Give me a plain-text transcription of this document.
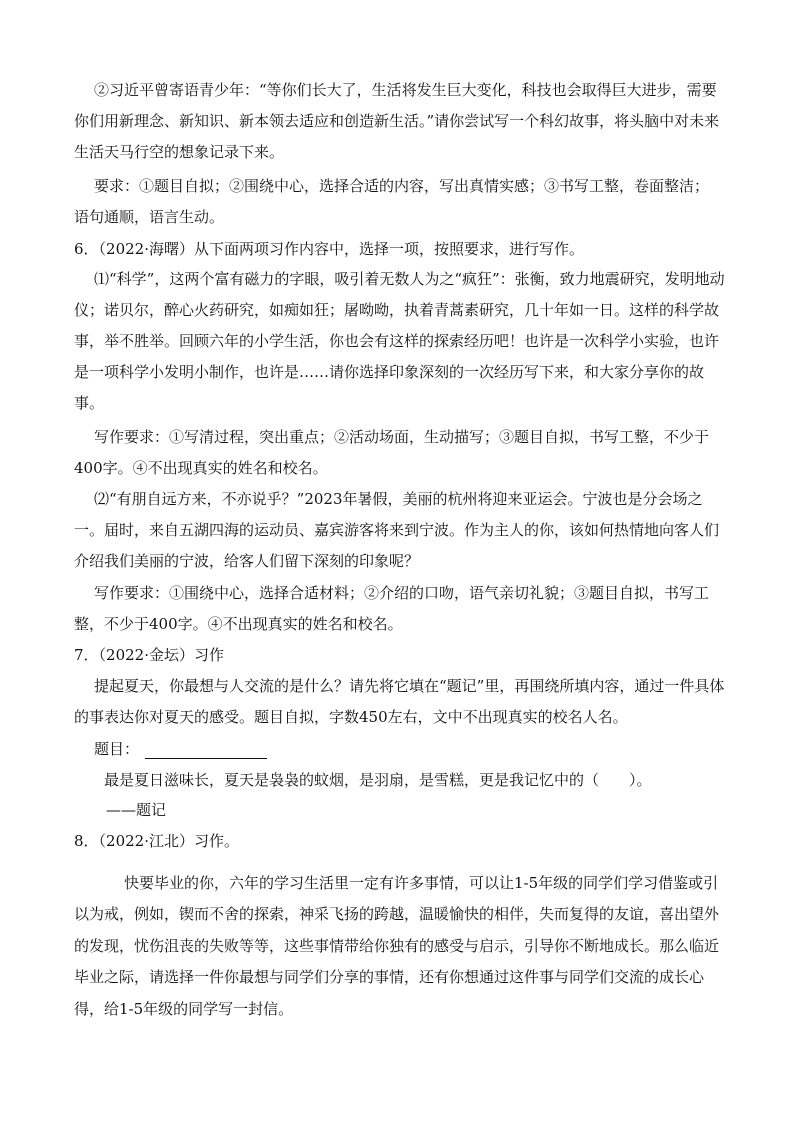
②习近平曾寄语青少年：“等你们长大了，生活将发生巨大变化，科技也会取得巨大进步，需要
你们用新理念、新知识、新本领去适应和创造新生活。”请你尝试写一个科幻故事，将头脑中对未来
生活天马行空的想象记录下来。
要求：①题目自拟；②围绕中心，选择合适的内容，写出真情实感；③书写工整，卷面整洁；
语句通顺，语言生动。
6．（2022·海曙）从下面两项习作内容中，选择一项，按照要求，进行写作。
⑴“科学”，这两个富有磁力的字眼，吸引着无数人为之“疯狂”：张衡，致力地震研究，发明地动
仪；诺贝尔，醉心火药研究，如痴如狂；屠呦呦，执着青蒿素研究，几十年如一日。这样的科学故
事，举不胜举。回顾六年的小学生活，你也会有这样的探索经历吧！也许是一次科学小实验，也许
是一项科学小发明小制作，也许是……请你选择印象深刻的一次经历写下来，和大家分享你的故
事。
写作要求：①写清过程，突出重点；②活动场面，生动描写；③题目自拟，书写工整，不少于
400字。④不出现真实的姓名和校名。
⑵“有朋自远方来，不亦说乎？”2023年暑假，美丽的杭州将迎来亚运会。宁波也是分会场之
一。届时，来自五湖四海的运动员、嘉宾游客将来到宁波。作为主人的你，该如何热情地向客人们
介绍我们美丽的宁波，给客人们留下深刻的印象呢？
写作要求：①围绕中心，选择合适材料；②介绍的口吻，语气亲切礼貌；③题目自拟，书写工
整，不少于400字。④不出现真实的姓名和校名。
7．（2022·金坛）习作
提起夏天，你最想与人交流的是什么？请先将它填在“题记”里，再围绕所填内容，通过一件具体
的事表达你对夏天的感受。题目自拟，字数450左右，文中不出现真实的校名人名。
题目：
最是夏日滋味长，夏天是袅袅的蚊烟，是羽扇，是雪糕，更是我记忆中的（　　）。
——题记
8．（2022·江北）习作。
快要毕业的你，六年的学习生活里一定有许多事情，可以让1-5年级的同学们学习借鉴或引
以为戒，例如，锲而不舍的探索，神采飞扬的跨越，温暖愉快的相伴，失而复得的友谊，喜出望外
的发现，忧伤沮丧的失败等等，这些事情带给你独有的感受与启示，引导你不断地成长。那么临近
毕业之际，请选择一件你最想与同学们分享的事情，还有你想通过这件事与同学们交流的成长心
得，给1-5年级的同学写一封信。
